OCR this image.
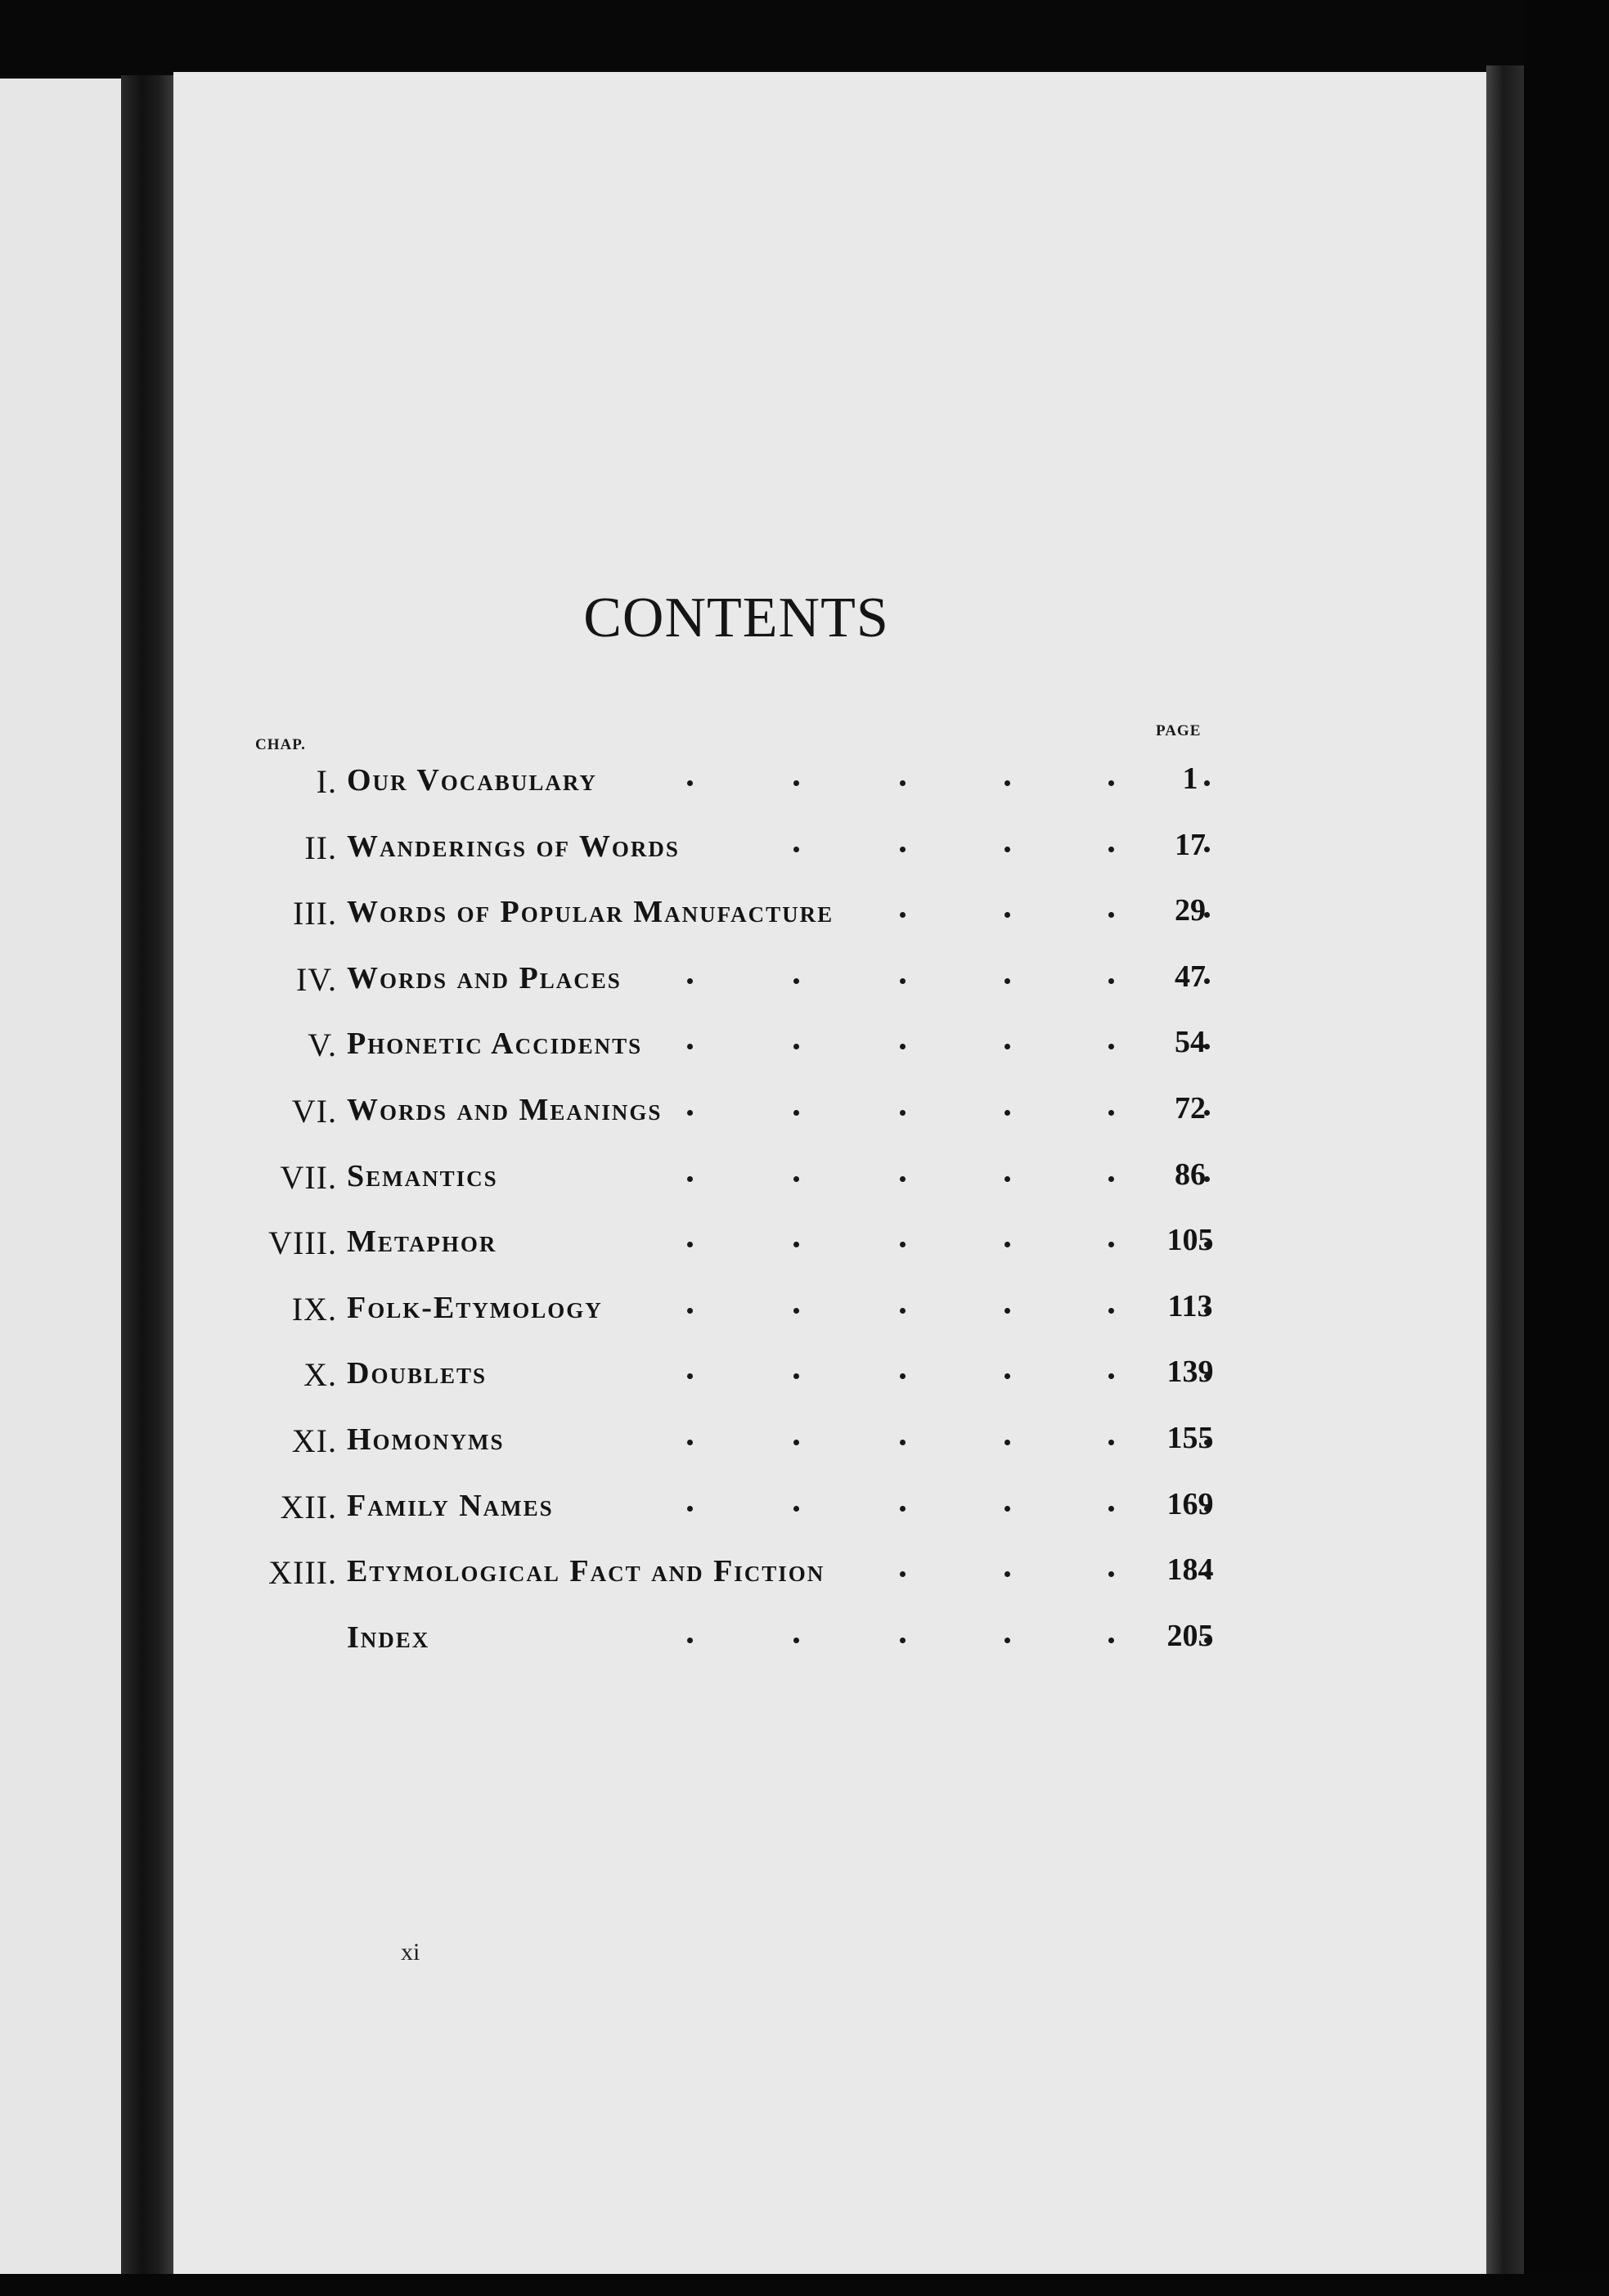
CONTENTS
CHAP.
PAGE
I. Our Vocabulary	1
II. Wanderings of Words	17
III. Words of Popular Manufacture	29
IV. Words and Places	47
V. Phonetic Accidents	54
VI. Words and Meanings	72
VII. Semantics	86
VIII. Metaphor	105
IX. Folk-Etymology	113
X. Doublets	139
XI. Homonyms	155
XII. Family Names	169
XIII. Etymological Fact and Fiction	184
Index	205
xi
